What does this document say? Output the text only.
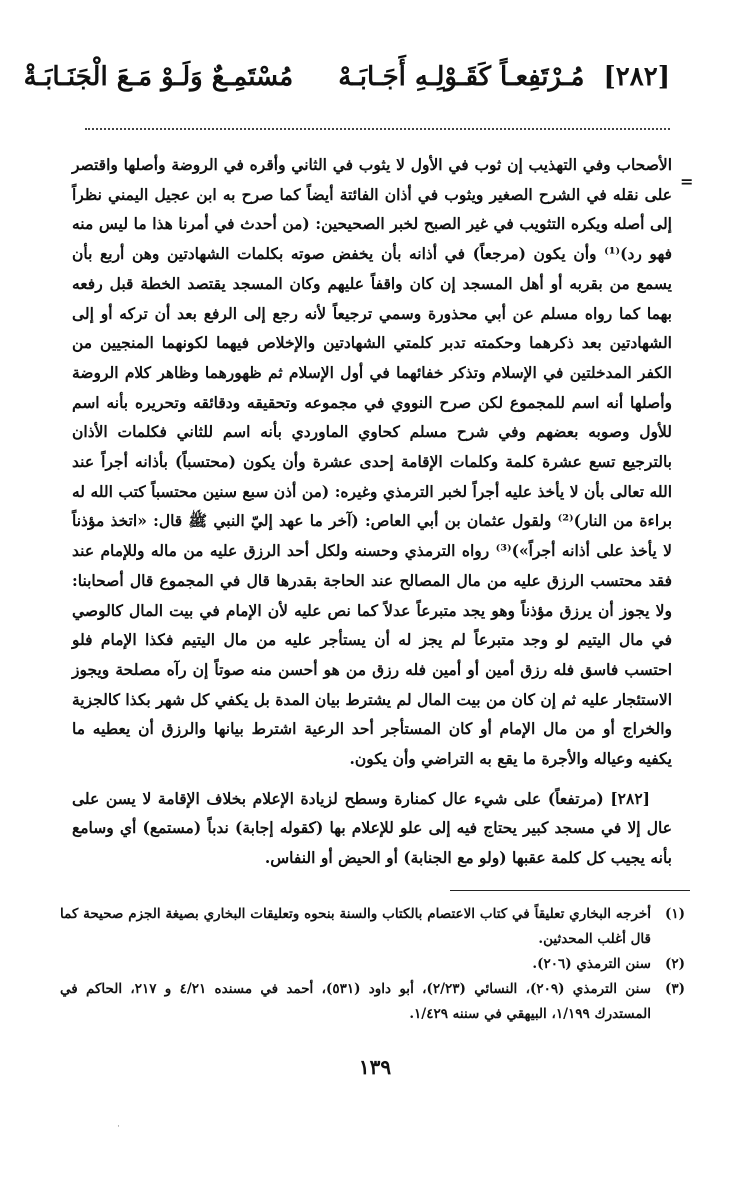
[٢٨٢] مُـرْتَفِعـاً كَقَـوْلِـهِ أَجَـابَـهْ مُسْتَمِـعٌ وَلَـوْ مَـعَ الْجَنَـابَـةْ
=

الأصحاب وفي التهذيب إن ثوب في الأول لا يثوب في الثاني وأقره في الروضة وأصلها واقتصر على نقله في الشرح الصغير ويثوب في أذان الفائتة أيضاً كما صرح به ابن عجيل اليمني نظراً إلى أصله ويكره التثويب في غير الصبح لخبر الصحيحين: (من أحدث في أمرنا هذا ما ليس منه فهو رد)⁽¹⁾ وأن يكون (مرجعاً) في أذانه بأن يخفض صوته بكلمات الشهادتين وهن أربع بأن يسمع من بقربه أو أهل المسجد إن كان واقفاً عليهم وكان المسجد يقتصد الخطة قبل رفعه بهما كما رواه مسلم عن أبي محذورة وسمي ترجيعاً لأنه رجع إلى الرفع بعد أن تركه أو إلى الشهادتين بعد ذكرهما وحكمته تدبر كلمتي الشهادتين والإخلاص فيهما لكونهما المنجيين من الكفر المدخلتين في الإسلام وتذكر خفائهما في أول الإسلام ثم ظهورهما وظاهر كلام الروضة وأصلها أنه اسم للمجموع لكن صرح النووي في مجموعه وتحقيقه ودقائقه وتحريره بأنه اسم للأول وصوبه بعضهم وفي شرح مسلم كحاوي الماوردي بأنه اسم للثاني فكلمات الأذان بالترجيع تسع عشرة كلمة وكلمات الإقامة إحدى عشرة وأن يكون (محتسباً) بأذانه أجراً عند الله تعالى بأن لا يأخذ عليه أجراً لخبر الترمذي وغيره: (من أذن سبع سنين محتسباً كتب الله له براءة من النار)⁽²⁾ ولقول عثمان بن أبي العاص: (آخر ما عهد إليّ النبي ﷺ قال: «اتخذ مؤذناً لا يأخذ على أذانه أجراً»)⁽³⁾ رواه الترمذي وحسنه ولكل أحد الرزق عليه من ماله وللإمام عند فقد محتسب الرزق عليه من مال المصالح عند الحاجة بقدرها قال في المجموع قال أصحابنا: ولا يجوز أن يرزق مؤذناً وهو يجد متبرعاً عدلاً كما نص عليه لأن الإمام في بيت المال كالوصي في مال اليتيم لو وجد متبرعاً لم يجز له أن يستأجر عليه من مال اليتيم فكذا الإمام فلو احتسب فاسق فله رزق أمين أو أمين فله رزق من هو أحسن منه صوتاً إن رآه مصلحة ويجوز الاستئجار عليه ثم إن كان من بيت المال لم يشترط بيان المدة بل يكفي كل شهر بكذا كالجزية والخراج أو من مال الإمام أو كان المستأجر أحد الرعية اشترط بيانها والرزق أن يعطيه ما يكفيه وعياله والأجرة ما يقع به التراضي وأن يكون.

[٢٨٢] (مرتفعاً) على شيء عال كمنارة وسطح لزيادة الإعلام بخلاف الإقامة لا يسن على عال إلا في مسجد كبير يحتاج فيه إلى علو للإعلام بها (كقوله إجابة) ندباً (مستمع) أي وسامع بأنه يجيب كل كلمة عقبها (ولو مع الجنابة) أو الحيض أو النفاس.

(١)
أخرجه البخاري تعليقاً في كتاب الاعتصام بالكتاب والسنة بنحوه وتعليقات البخاري بصيغة الجزم صحيحة كما قال أغلب المحدثين.
(٢)
سنن الترمذي (٢٠٦).
(٣)
سنن الترمذي (٢٠٩)، النسائي (٢/٢٣)، أبو داود (٥٣١)، أحمد في مسنده ٤/٢١ و ٢١٧، الحاكم في المستدرك ١/١٩٩، البيهقي في سننه ١/٤٢٩.
١٣٩
˙
